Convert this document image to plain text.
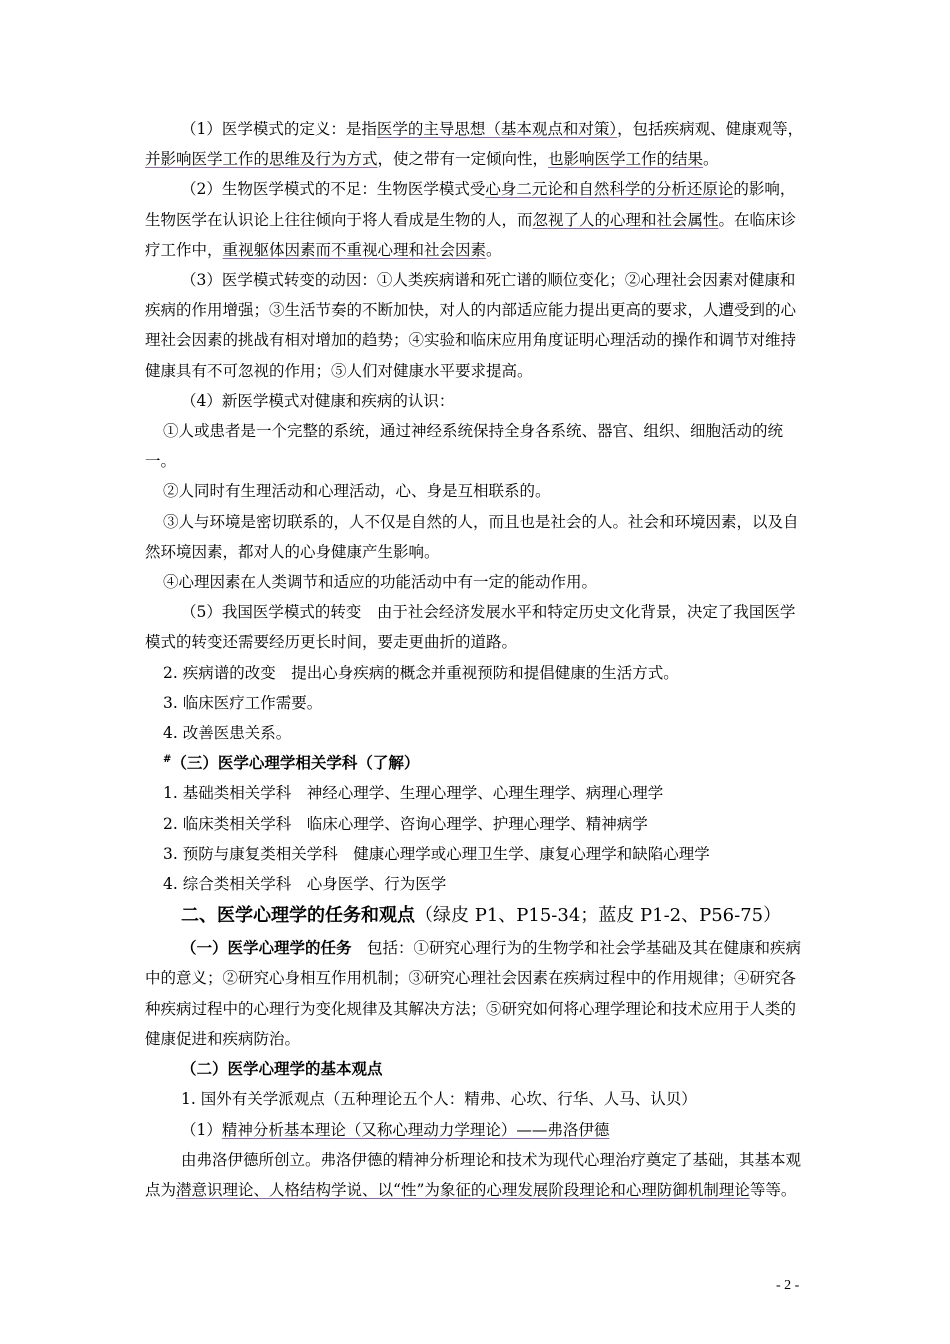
（1）医学模式的定义：是指医学的主导思想（基本观点和对策），包括疾病观、健康观等，并影响医学工作的思维及行为方式，使之带有一定倾向性，也影响医学工作的结果。

（2）生物医学模式的不足：生物医学模式受心身二元论和自然科学的分析还原论的影响，生物医学在认识论上往往倾向于将人看成是生物的人，而忽视了人的心理和社会属性。在临床诊疗工作中，重视躯体因素而不重视心理和社会因素。

（3）医学模式转变的动因：①人类疾病谱和死亡谱的顺位变化；②心理社会因素对健康和疾病的作用增强；③生活节奏的不断加快，对人的内部适应能力提出更高的要求，人遭受到的心理社会因素的挑战有相对增加的趋势；④实验和临床应用角度证明心理活动的操作和调节对维持健康具有不可忽视的作用；⑤人们对健康水平要求提高。

（4）新医学模式对健康和疾病的认识：

①人或患者是一个完整的系统，通过神经系统保持全身各系统、器官、组织、细胞活动的统一。

②人同时有生理活动和心理活动，心、身是互相联系的。

③人与环境是密切联系的，人不仅是自然的人，而且也是社会的人。社会和环境因素，以及自然环境因素，都对人的心身健康产生影响。

④心理因素在人类调节和适应的功能活动中有一定的能动作用。

（5）我国医学模式的转变　由于社会经济发展水平和特定历史文化背景，决定了我国医学模式的转变还需要经历更长时间，要走更曲折的道路。

2. 疾病谱的改变　提出心身疾病的概念并重视预防和提倡健康的生活方式。

3. 临床医疗工作需要。

4. 改善医患关系。

#（三）医学心理学相关学科（了解）

1. 基础类相关学科　神经心理学、生理心理学、心理生理学、病理心理学

2. 临床类相关学科　临床心理学、咨询心理学、护理心理学、精神病学

3. 预防与康复类相关学科　健康心理学或心理卫生学、康复心理学和缺陷心理学

4. 综合类相关学科　心身医学、行为医学

二、医学心理学的任务和观点（绿皮 P1、P15-34；蓝皮 P1-2、P56-75）

（一）医学心理学的任务　包括：①研究心理行为的生物学和社会学基础及其在健康和疾病中的意义；②研究心身相互作用机制；③研究心理社会因素在疾病过程中的作用规律；④研究各种疾病过程中的心理行为变化规律及其解决方法；⑤研究如何将心理学理论和技术应用于人类的健康促进和疾病防治。

（二）医学心理学的基本观点

1. 国外有关学派观点（五种理论五个人：精弗、心坎、行华、人马、认贝）

（1）精神分析基本理论（又称心理动力学理论）——弗洛伊德

由弗洛伊德所创立。弗洛伊德的精神分析理论和技术为现代心理治疗奠定了基础，其基本观点为潜意识理论、人格结构学说、以“性”为象征的心理发展阶段理论和心理防御机制理论等等。

- 2 -
